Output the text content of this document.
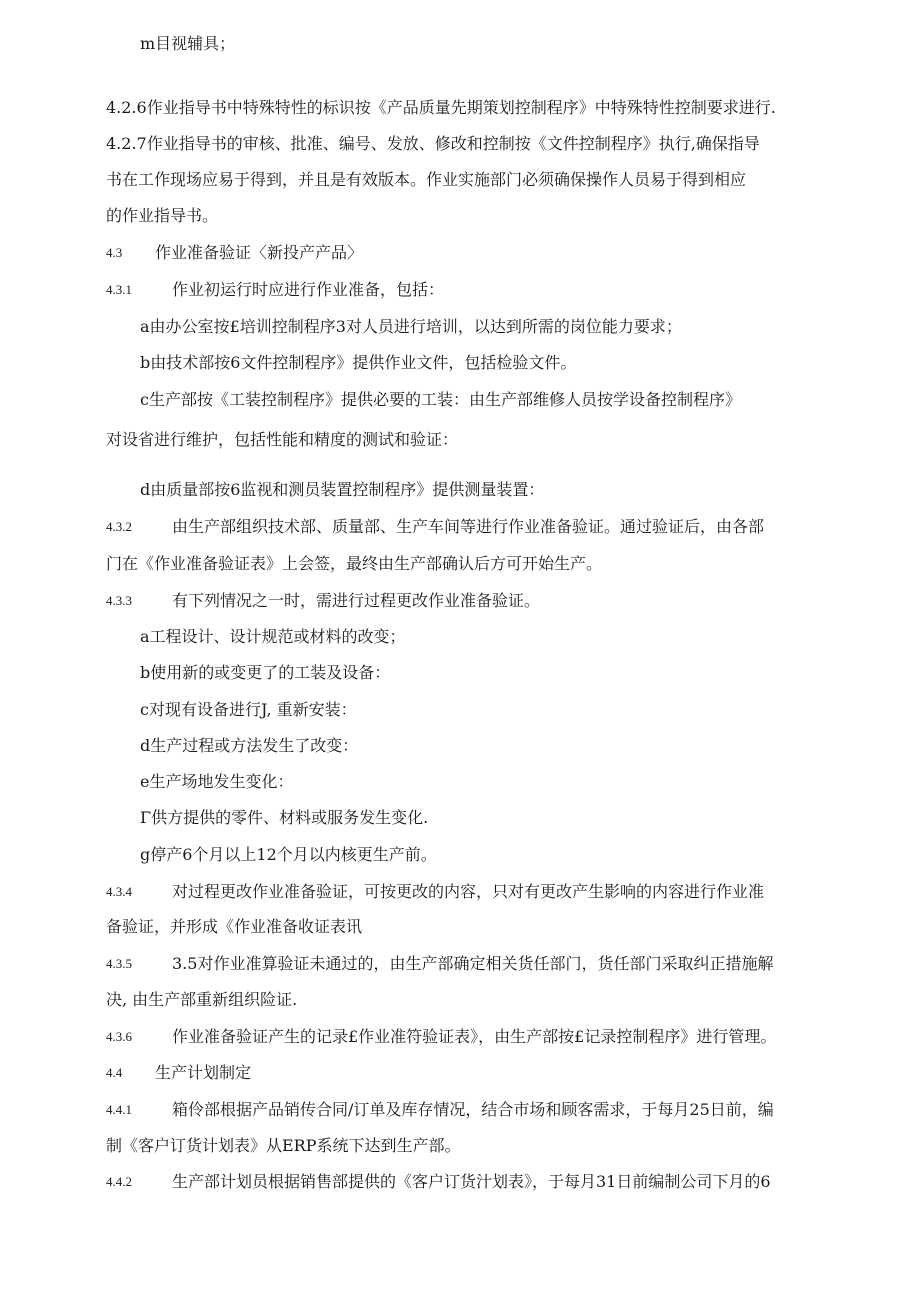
m目视辅具；
4.2.6作业指导书中特殊特性的标识按《产品质量先期策划控制程序》中特殊特性控制要求进行.
4.2.7作业指导书的审核、批准、编号、发放、修改和控制按《文件控制程序》执行,确保指导
书在工作现场应易于得到，并且是有效版本。作业实施部门必须确保操作人员易于得到相应
的作业指导书。
4.3 作业准备验证〈新投产产品〉
4.3.1	作业初运行时应进行作业准备，包括：
a由办公室按£培训控制程序3对人员进行培训，以达到所需的岗位能力要求；
b由技术部按6文件控制程序》提供作业文件，包括检验文件。
c生产部按《工装控制程序》提供必要的工装：由生产部维修人员按学设备控制程序》
对设省进行维护，包括性能和精度的测试和验证：
d由质量部按6监视和测员装置控制程序》提供测量装置：
4.3.2	由生产部组织技术部、质量部、生产车间等进行作业准备验证。通过验证后，由各部
门在《作业准备验证表》上会签，最终由生产部确认后方可开始生产。
4.3.3	有下列情况之一时，需进行过程更改作业准备验证。
a工程设计、设计规范或材料的改变；
b使用新的或变更了的工装及设备：
c对现有设备进行J, 重新安装：
d生产过程或方法发生了改变：
e生产场地发生变化：
Γ供方提供的零件、材料或服务发生变化.
g停产6个月以上12个月以内核更生产前。
4.3.4	对过程更改作业准备验证，可按更改的内容，只对有更改产生影响的内容进行作业准
备验证，并形成《作业准备收证表讯
4.3.5	3.5对作业准算验证未通过的，由生产部确定相关货任部门，货任部门采取纠正措施解
决, 由生产部重新组织险证.
4.3.6	作业准备验证产生的记录£作业准符验证表》，由生产部按£记录控制程序》进行管理。
4.4 生产计划制定
4.4.1	箱伶部根据产品销传合同/订单及库存情况，结合市场和顾客需求，于每月25日前，编
制《客户订货计划表》从ERP系统下达到生产部。
4.4.2	生产部计划员根据销售部提供的《客户订货汁划表》，于每月31日前编制公司下月的6
